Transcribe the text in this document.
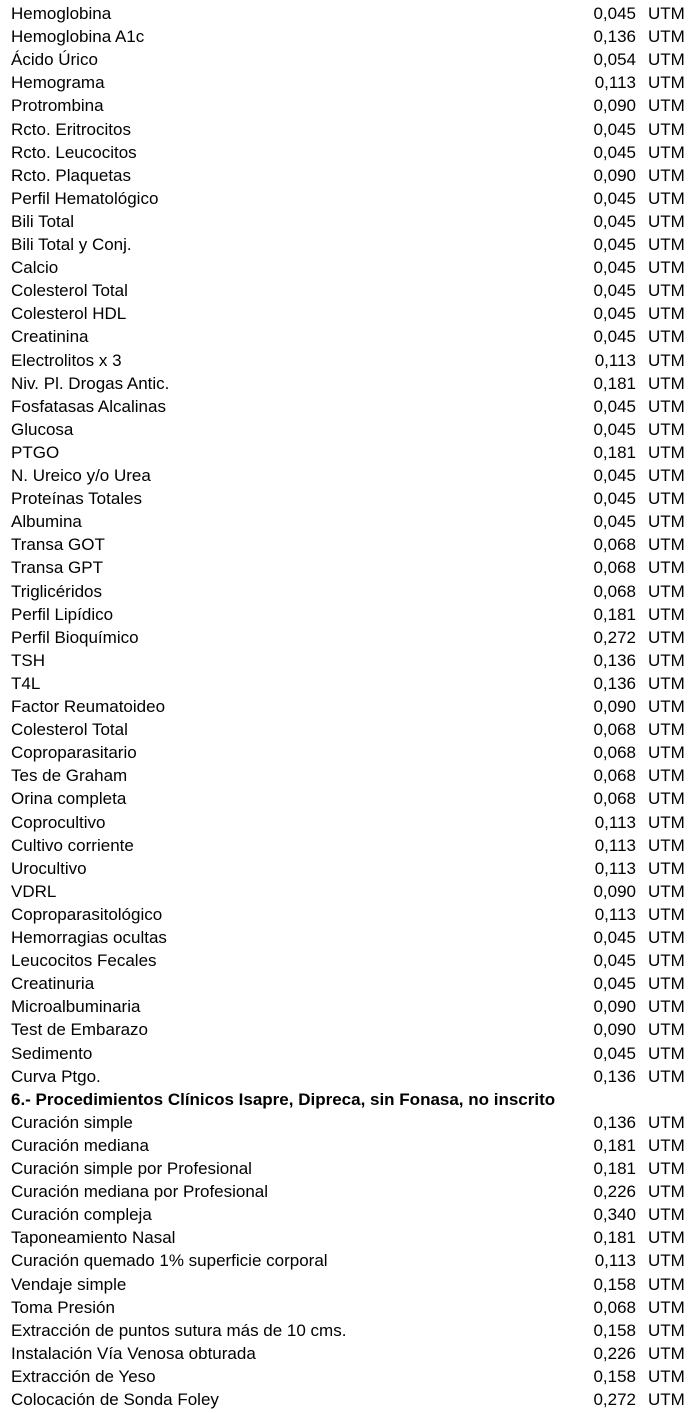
Hemoglobina	0,045 UTM
Hemoglobina A1c	0,136 UTM
Ácido Úrico	0,054 UTM
Hemograma	0,113 UTM
Protrombina	0,090 UTM
Rcto. Eritrocitos	0,045 UTM
Rcto. Leucocitos	0,045 UTM
Rcto. Plaquetas	0,090 UTM
Perfil Hematológico	0,045 UTM
Bili Total	0,045 UTM
Bili Total y Conj.	0,045 UTM
Calcio	0,045 UTM
Colesterol Total	0,045 UTM
Colesterol HDL	0,045 UTM
Creatinina	0,045 UTM
Electrolitos x 3	0,113 UTM
Niv. Pl. Drogas Antic.	0,181 UTM
Fosfatasas Alcalinas	0,045 UTM
Glucosa	0,045 UTM
PTGO	0,181 UTM
N. Ureico y/o Urea	0,045 UTM
Proteínas Totales	0,045 UTM
Albumina	0,045 UTM
Transa GOT	0,068 UTM
Transa GPT	0,068 UTM
Triglicéridos	0,068 UTM
Perfil Lipídico	0,181 UTM
Perfil Bioquímico	0,272 UTM
TSH	0,136 UTM
T4L	0,136 UTM
Factor Reumatoideo	0,090 UTM
Colesterol Total	0,068 UTM
Coproparasitario	0,068 UTM
Tes de Graham	0,068 UTM
Orina completa	0,068 UTM
Coprocultivo	0,113 UTM
Cultivo corriente	0,113 UTM
Urocultivo	0,113 UTM
VDRL	0,090 UTM
Coproparasitológico	0,113 UTM
Hemorragias ocultas	0,045 UTM
Leucocitos Fecales	0,045 UTM
Creatinuria	0,045 UTM
Microalbuminaria	0,090 UTM
Test de Embarazo	0,090 UTM
Sedimento	0,045 UTM
Curva Ptgo.	0,136 UTM
6.- Procedimientos Clínicos Isapre, Dipreca, sin Fonasa, no inscrito
Curación simple	0,136 UTM
Curación mediana	0,181 UTM
Curación simple por Profesional	0,181 UTM
Curación mediana por Profesional	0,226 UTM
Curación compleja	0,340 UTM
Taponeamiento Nasal	0,181 UTM
Curación quemado 1% superficie corporal	0,113 UTM
Vendaje simple	0,158 UTM
Toma Presión	0,068 UTM
Extracción de puntos sutura más de 10 cms.	0,158 UTM
Instalación Vía Venosa obturada	0,226 UTM
Extracción de Yeso	0,158 UTM
Colocación de Sonda Foley	0,272 UTM
